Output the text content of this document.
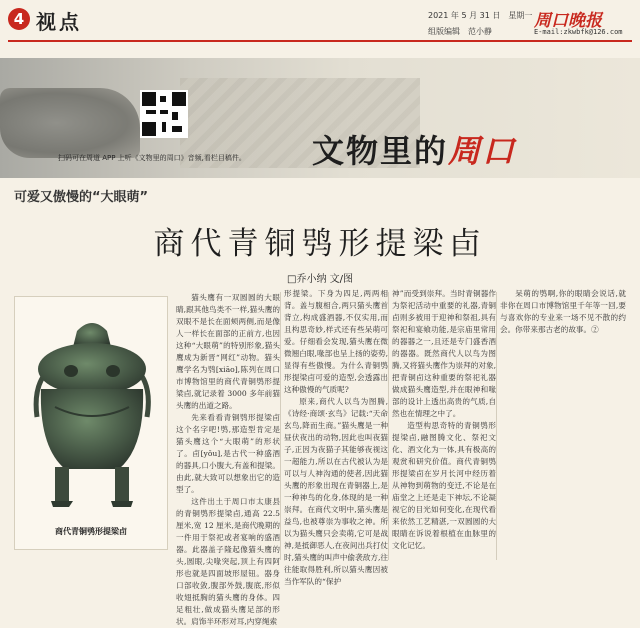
4 视点	2021 年 5 月 31 日　星期一
组版编辑　范小静
周口晚报
E-mail:zkwbfk@126.com
扫码可在周道 APP 上听《文物里的周口》音频,看栏目稿件。 文物里的周口
可爱又傲慢的“大眼萌”
商代青铜鸮形提梁卣
□乔小纳 文/图
商代青铜鸮形提梁卣

猫头鹰有一双圆圆的大眼睛,跟其他鸟类不一样,猫头鹰的双眼不是长在面颊两侧,而是像人一样长在面部的正前方,也因这种“大眼萌”的特别形象,猫头鹰成为新晋“网红”动物。猫头鹰学名为鸮[xiāo],陈列在周口市博物馆里的商代青铜鸮形提梁卣,就记录着 3000 多年前猫头鹰的出道之路。

先来看看青铜鸮形提梁卣这个名字吧!鸮,那造型肯定是猫头鹰这个“大眼萌”的形状了。卣[yǒu],是古代一种盛酒的器具,口小腹大,有盖和提梁。由此,就大致可以想象出它的造型了。

这件出土于周口市太康县的青铜鸮形提梁卣,通高 22.5 厘米,宽 12 厘米,是商代晚期的一件用于祭祀或者宴响的盛酒器。此器盖子隆起像猫头鹰的头,圆眼,尖喙突起,顶上有四阿形也就是四面坡形屋钮。器身口部收敛,腹部外鼓,腹底,形似收翅抵胸的猫头鹰的身体。四足粗壮,做成猫头鹰足部的形状。肩饰半环形对耳,内穿绳索

形提梁。下身为四足,两两相背。盖与腹相合,两只猫头鹰首背立,构成盛酒器,不仅实用,而且构思奇妙,样式还有些呆萌可爱。仔细看会发现,猫头鹰在微微翘白眼,喙部也呈上扬的姿势,显得有些傲慢。为什么青铜鸮形提梁卣可爱的造型,会透露出这种傲慢的气质呢?

原来,商代人以鸟为图腾,《诗经·商颂·玄鸟》记载:“天命玄鸟,降而生商。”猫头鹰是一种昼伏夜出的动物,因此也叫夜猫子,正因为夜猫子其能够夜视这一超能力,所以在古代被认为是可以与人神沟通的使者,因此猫头鹰的形象出现在青铜器上,是一种神鸟的化身,体现的是一种崇拜。在商代文明中,猫头鹰是益鸟,也被尊崇为事收之神。所以为猫头鹰只会卖萌,它可是战神,是抵御恶人,在夜间出兵打仗时,猫头鹰的叫声中偷袭敌方,往往能取得胜利,所以猫头鹰因被当作军队的“保护

神”而受到崇拜。当时青铜器作为祭祀活动中重要的礼器,青铜卣则多被用于迎神和祭祖,具有祭祀和宴飨功能,是宗庙里常用的器器之一,且还是专门盛香酒的器器。既然商代人以鸟为图腾,又将猫头鹰作为崇拜的对象,把青铜卣这种重要的祭祀礼器做成猫头鹰造型,并在眼神和喙部的设计上透出高贵的气质,自然也在情理之中了。

造型构思奇特的青铜鸮形提梁卣,融图腾文化、祭祀文化、酒文化为一体,具有极高的观赏和研究价值。商代青铜鸮形提梁卣在岁月长河中经历着从神物到萌物的变迁,不论是在庙堂之上还是走下神坛,不论凝视它的目光如何变化,在现代看来依然工艺精湛,一双圆圆的大眼睛在诉说着根植在血脉里的文化记忆。

呆萌的鸮啊,你的眼睛会说话,就非你在周口市博物馆里千年等一回,要与喜欢你的专业来一场不见不散的约会。你带来那古老的故事。②
